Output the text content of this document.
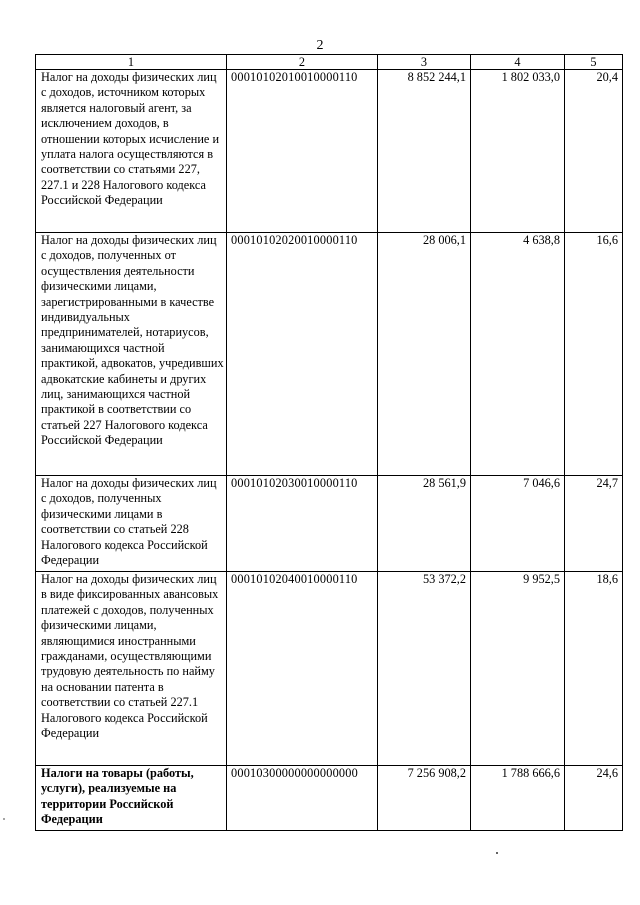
2
1	2	3	4	5
Налог на доходы физических лиц с доходов, источником которых является налоговый агент, за исключением доходов, в отношении которых исчисление и уплата налога осуществляются в соответствии со статьями 227, 227.1 и 228 Налогового кодекса Российской Федерации	00010102010010000110	8 852 244,1	1 802 033,0	20,4
Налог на доходы физических лиц с доходов, полученных от осуществления деятельности физическими лицами, зарегистрированными в качестве индивидуальных предпринимателей, нотариусов, занимающихся частной практикой, адвокатов, учредивших адвокатские кабинеты и других лиц, занимающихся частной практикой в соответствии со статьей 227 Налогового кодекса Российской Федерации	00010102020010000110	28 006,1	4 638,8	16,6
Налог на доходы физических лиц с доходов, полученных физическими лицами в соответствии со статьей 228 Налогового кодекса Российской Федерации	00010102030010000110	28 561,9	7 046,6	24,7
Налог на доходы физических лиц в виде фиксированных авансовых платежей с доходов, полученных физическими лицами, являющимися иностранными гражданами, осуществляющими трудовую деятельность по найму на основании патента в соответствии со статьей 227.1 Налогового кодекса Российской Федерации	00010102040010000110	53 372,2	9 952,5	18,6
Налоги на товары (работы, услуги), реализуемые на территории Российской Федерации	00010300000000000000	7 256 908,2	1 788 666,6	24,6
